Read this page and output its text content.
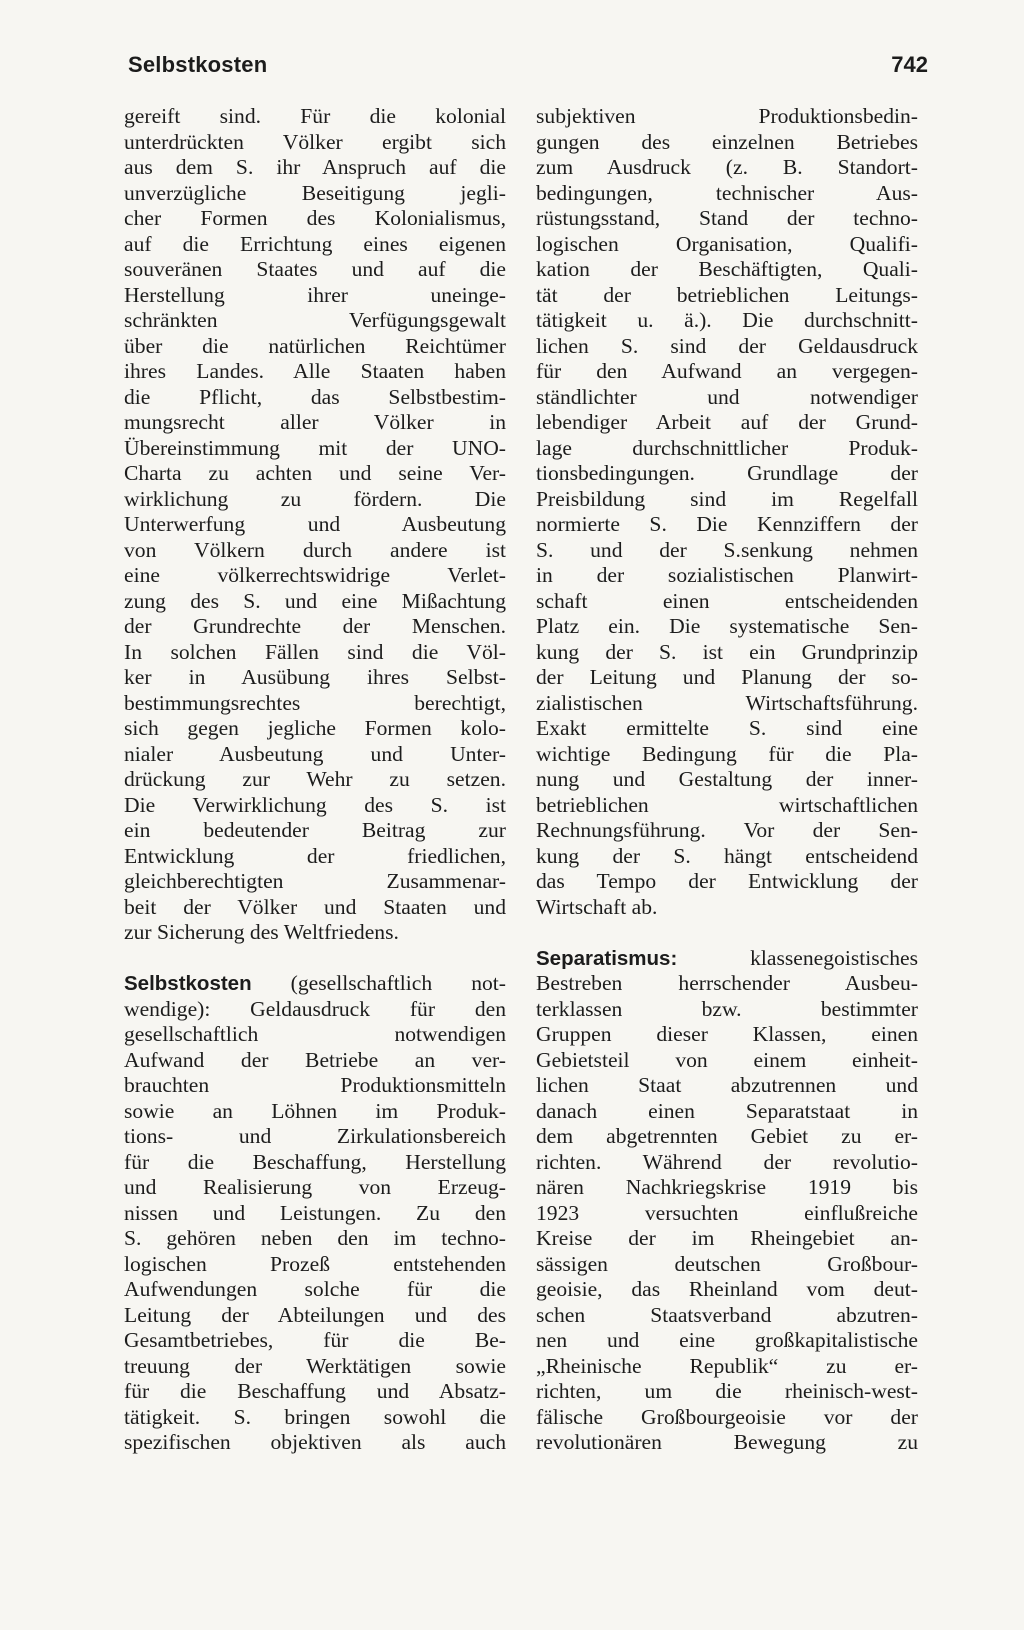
Selbstkosten	742
gereift sind. Für die kolonial
unterdrückten Völker ergibt sich
aus dem S. ihr Anspruch auf die
unverzügliche Beseitigung jegli-
cher Formen des Kolonialismus,
auf die Errichtung eines eigenen
souveränen Staates und auf die
Herstellung ihrer uneinge-
schränkten Verfügungsgewalt
über die natürlichen Reichtümer
ihres Landes. Alle Staaten haben
die Pflicht, das Selbstbestim-
mungsrecht aller Völker in
Übereinstimmung mit der UNO-
Charta zu achten und seine Ver-
wirklichung zu fördern. Die
Unterwerfung und Ausbeutung
von Völkern durch andere ist
eine völkerrechtswidrige Verlet-
zung des S. und eine Mißachtung
der Grundrechte der Menschen.
In solchen Fällen sind die Völ-
ker in Ausübung ihres Selbst-
bestimmungsrechtes berechtigt,
sich gegen jegliche Formen kolo-
nialer Ausbeutung und Unter-
drückung zur Wehr zu setzen.
Die Verwirklichung des S. ist
ein bedeutender Beitrag zur
Entwicklung der friedlichen,
gleichberechtigten Zusammenar-
beit der Völker und Staaten und
zur Sicherung des Weltfriedens.
Selbstkosten (gesellschaftlich not-
wendige): Geldausdruck für den
gesellschaftlich notwendigen
Aufwand der Betriebe an ver-
brauchten Produktionsmitteln
sowie an Löhnen im Produk-
tions- und Zirkulationsbereich
für die Beschaffung, Herstellung
und Realisierung von Erzeug-
nissen und Leistungen. Zu den
S. gehören neben den im techno-
logischen Prozeß entstehenden
Aufwendungen solche für die
Leitung der Abteilungen und des
Gesamtbetriebes, für die Be-
treuung der Werktätigen sowie
für die Beschaffung und Absatz-
tätigkeit. S. bringen sowohl die
spezifischen objektiven als auch
subjektiven Produktionsbedin-
gungen des einzelnen Betriebes
zum Ausdruck (z. B. Standort-
bedingungen, technischer Aus-
rüstungsstand, Stand der techno-
logischen Organisation, Qualifi-
kation der Beschäftigten, Quali-
tät der betrieblichen Leitungs-
tätigkeit u. ä.). Die durchschnitt-
lichen S. sind der Geldausdruck
für den Aufwand an vergegen-
ständlichter und notwendiger
lebendiger Arbeit auf der Grund-
lage durchschnittlicher Produk-
tionsbedingungen. Grundlage der
Preisbildung sind im Regelfall
normierte S. Die Kennziffern der
S. und der S.senkung nehmen
in der sozialistischen Planwirt-
schaft einen entscheidenden
Platz ein. Die systematische Sen-
kung der S. ist ein Grundprinzip
der Leitung und Planung der so-
zialistischen Wirtschaftsführung.
Exakt ermittelte S. sind eine
wichtige Bedingung für die Pla-
nung und Gestaltung der inner-
betrieblichen wirtschaftlichen
Rechnungsführung. Vor der Sen-
kung der S. hängt entscheidend
das Tempo der Entwicklung der
Wirtschaft ab.
Separatismus: klassenegoistisches
Bestreben herrschender Ausbeu-
terklassen bzw. bestimmter
Gruppen dieser Klassen, einen
Gebietsteil von einem einheit-
lichen Staat abzutrennen und
danach einen Separatstaat in
dem abgetrennten Gebiet zu er-
richten. Während der revolutio-
nären Nachkriegskrise 1919 bis
1923 versuchten einflußreiche
Kreise der im Rheingebiet an-
sässigen deutschen Großbour-
geoisie, das Rheinland vom deut-
schen Staatsverband abzutren-
nen und eine großkapitalistische
„Rheinische Republik“ zu er-
richten, um die rheinisch-west-
fälische Großbourgeoisie vor der
revolutionären Bewegung zu
